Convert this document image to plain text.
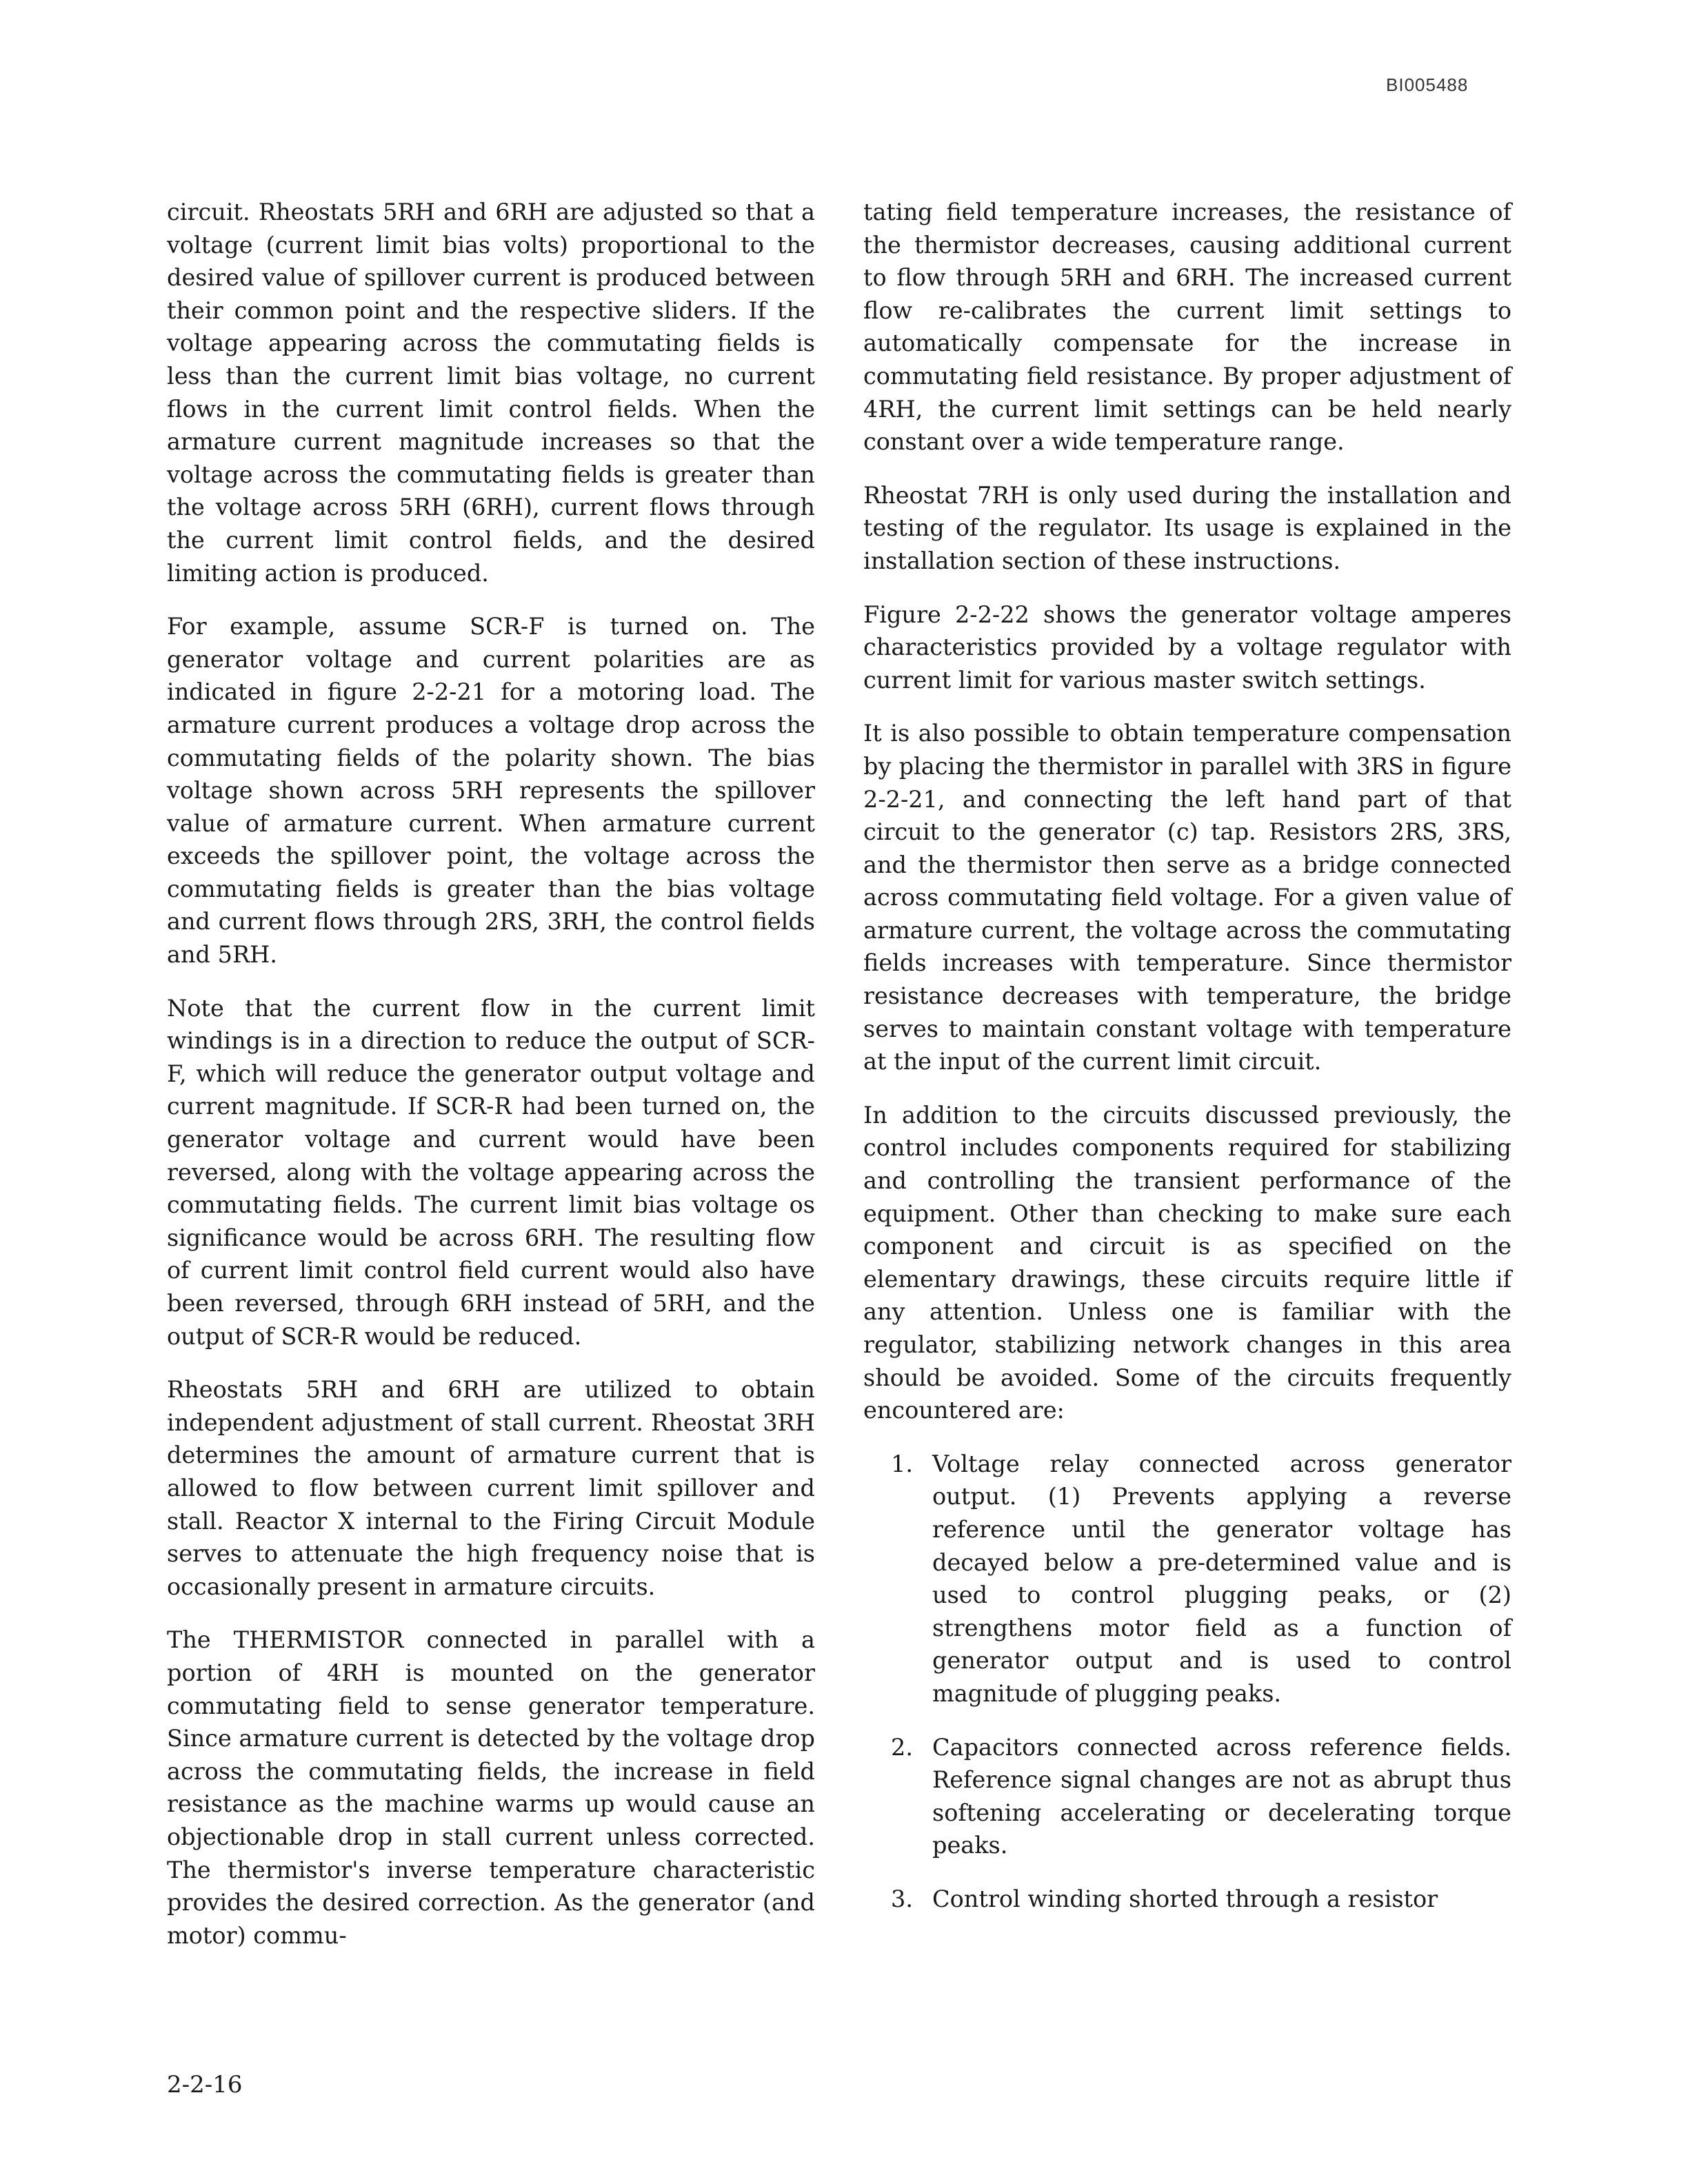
BI005488

circuit. Rheostats 5RH and 6RH are adjusted so that a voltage (current limit bias volts) proportional to the desired value of spillover current is produced between their common point and the respective sliders. If the voltage appearing across the commutating fields is less than the current limit bias voltage, no current flows in the current limit control fields. When the armature current magnitude increases so that the voltage across the commutating fields is greater than the voltage across 5RH (6RH), current flows through the current limit control fields, and the desired limiting action is produced.

For example, assume SCR-F is turned on. The generator voltage and current polarities are as indicated in figure 2-2-21 for a motoring load. The armature current produces a voltage drop across the commutating fields of the polarity shown. The bias voltage shown across 5RH represents the spillover value of armature current. When armature current exceeds the spillover point, the voltage across the commutating fields is greater than the bias voltage and current flows through 2RS, 3RH, the control fields and 5RH.

Note that the current flow in the current limit windings is in a direction to reduce the output of SCR-F, which will reduce the generator output voltage and current magnitude. If SCR-R had been turned on, the generator voltage and current would have been reversed, along with the voltage appearing across the commutating fields. The current limit bias voltage os significance would be across 6RH. The resulting flow of current limit control field current would also have been reversed, through 6RH instead of 5RH, and the output of SCR-R would be reduced.

Rheostats 5RH and 6RH are utilized to obtain independent adjustment of stall current. Rheostat 3RH determines the amount of armature current that is allowed to flow between current limit spillover and stall. Reactor X internal to the Firing Circuit Module serves to attenuate the high frequency noise that is occasionally present in armature circuits.

The THERMISTOR connected in parallel with a portion of 4RH is mounted on the generator commutating field to sense generator temperature. Since armature current is detected by the voltage drop across the commutating fields, the increase in field resistance as the machine warms up would cause an objectionable drop in stall current unless corrected. The thermistor's inverse temperature characteristic provides the desired correction. As the generator (and motor) commu-

tating field temperature increases, the resistance of the thermistor decreases, causing additional current to flow through 5RH and 6RH. The increased current flow re-calibrates the current limit settings to automatically compensate for the increase in commutating field resistance. By proper adjustment of 4RH, the current limit settings can be held nearly constant over a wide temperature range.

Rheostat 7RH is only used during the installation and testing of the regulator. Its usage is explained in the installation section of these instructions.

Figure 2-2-22 shows the generator voltage amperes characteristics provided by a voltage regulator with current limit for various master switch settings.

It is also possible to obtain temperature compensation by placing the thermistor in parallel with 3RS in figure 2-2-21, and connecting the left hand part of that circuit to the generator (c) tap. Resistors 2RS, 3RS, and the thermistor then serve as a bridge connected across commutating field voltage. For a given value of armature current, the voltage across the commutating fields increases with temperature. Since thermistor resistance decreases with temperature, the bridge serves to maintain constant voltage with temperature at the input of the current limit circuit.

In addition to the circuits discussed previously, the control includes components required for stabilizing and controlling the transient performance of the equipment. Other than checking to make sure each component and circuit is as specified on the elementary drawings, these circuits require little if any attention. Unless one is familiar with the regulator, stabilizing network changes in this area should be avoided. Some of the circuits frequently encountered are:

1. Voltage relay connected across generator output. (1) Prevents applying a reverse reference until the generator voltage has decayed below a pre-determined value and is used to control plugging peaks, or (2) strengthens motor field as a function of generator output and is used to control magnitude of plugging peaks.
2. Capacitors connected across reference fields. Reference signal changes are not as abrupt thus softening accelerating or decelerating torque peaks.
3. Control winding shorted through a resistor
2-2-16
